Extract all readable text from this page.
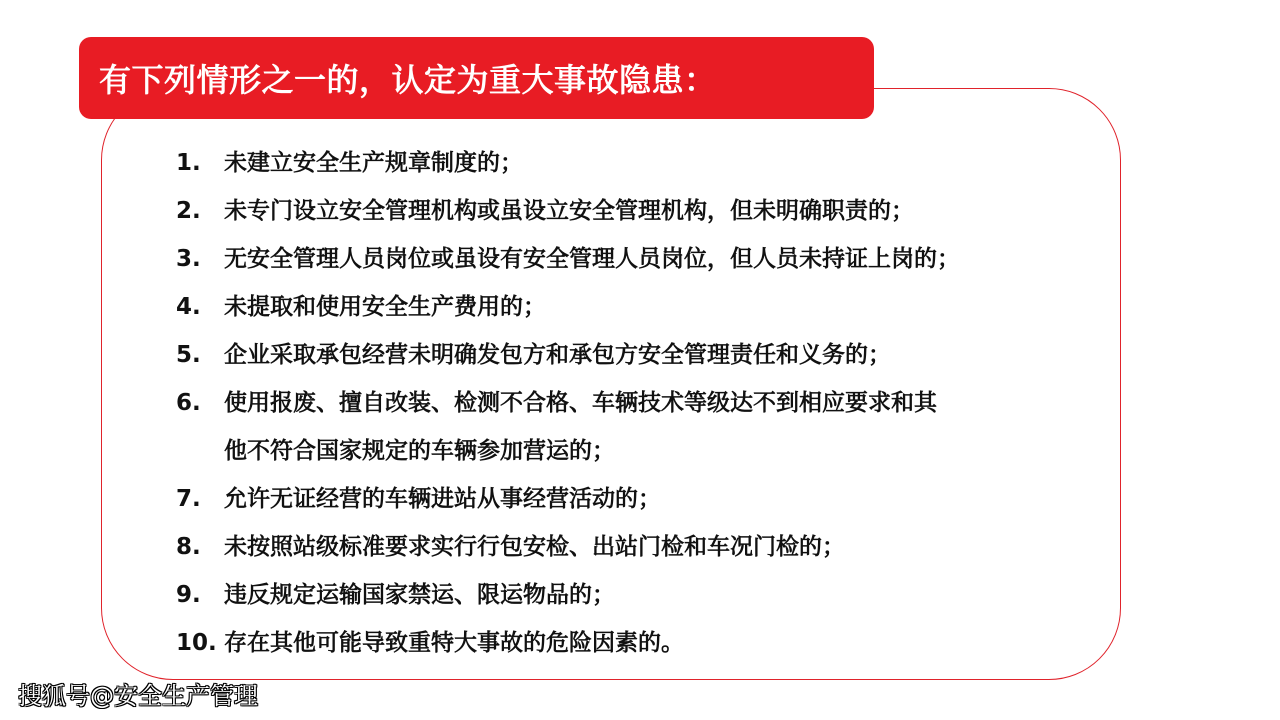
有下列情形之一的，认定为重大事故隐患：
1.	未建立安全生产规章制度的；
2.	未专门设立安全管理机构或虽设立安全管理机构，但未明确职责的；
3.	无安全管理人员岗位或虽设有安全管理人员岗位，但人员未持证上岗的；
4.	未提取和使用安全生产费用的；
5.	企业采取承包经营未明确发包方和承包方安全管理责任和义务的；
6.	使用报废、擅自改装、检测不合格、车辆技术等级达不到相应要求和其
他不符合国家规定的车辆参加营运的；
7.	允许无证经营的车辆进站从事经营活动的；
8.	未按照站级标准要求实行行包安检、出站门检和车况门检的；
9.	违反规定运输国家禁运、限运物品的；
10. 存在其他可能导致重特大事故的危险因素的。
搜狐号@安全生产管理
